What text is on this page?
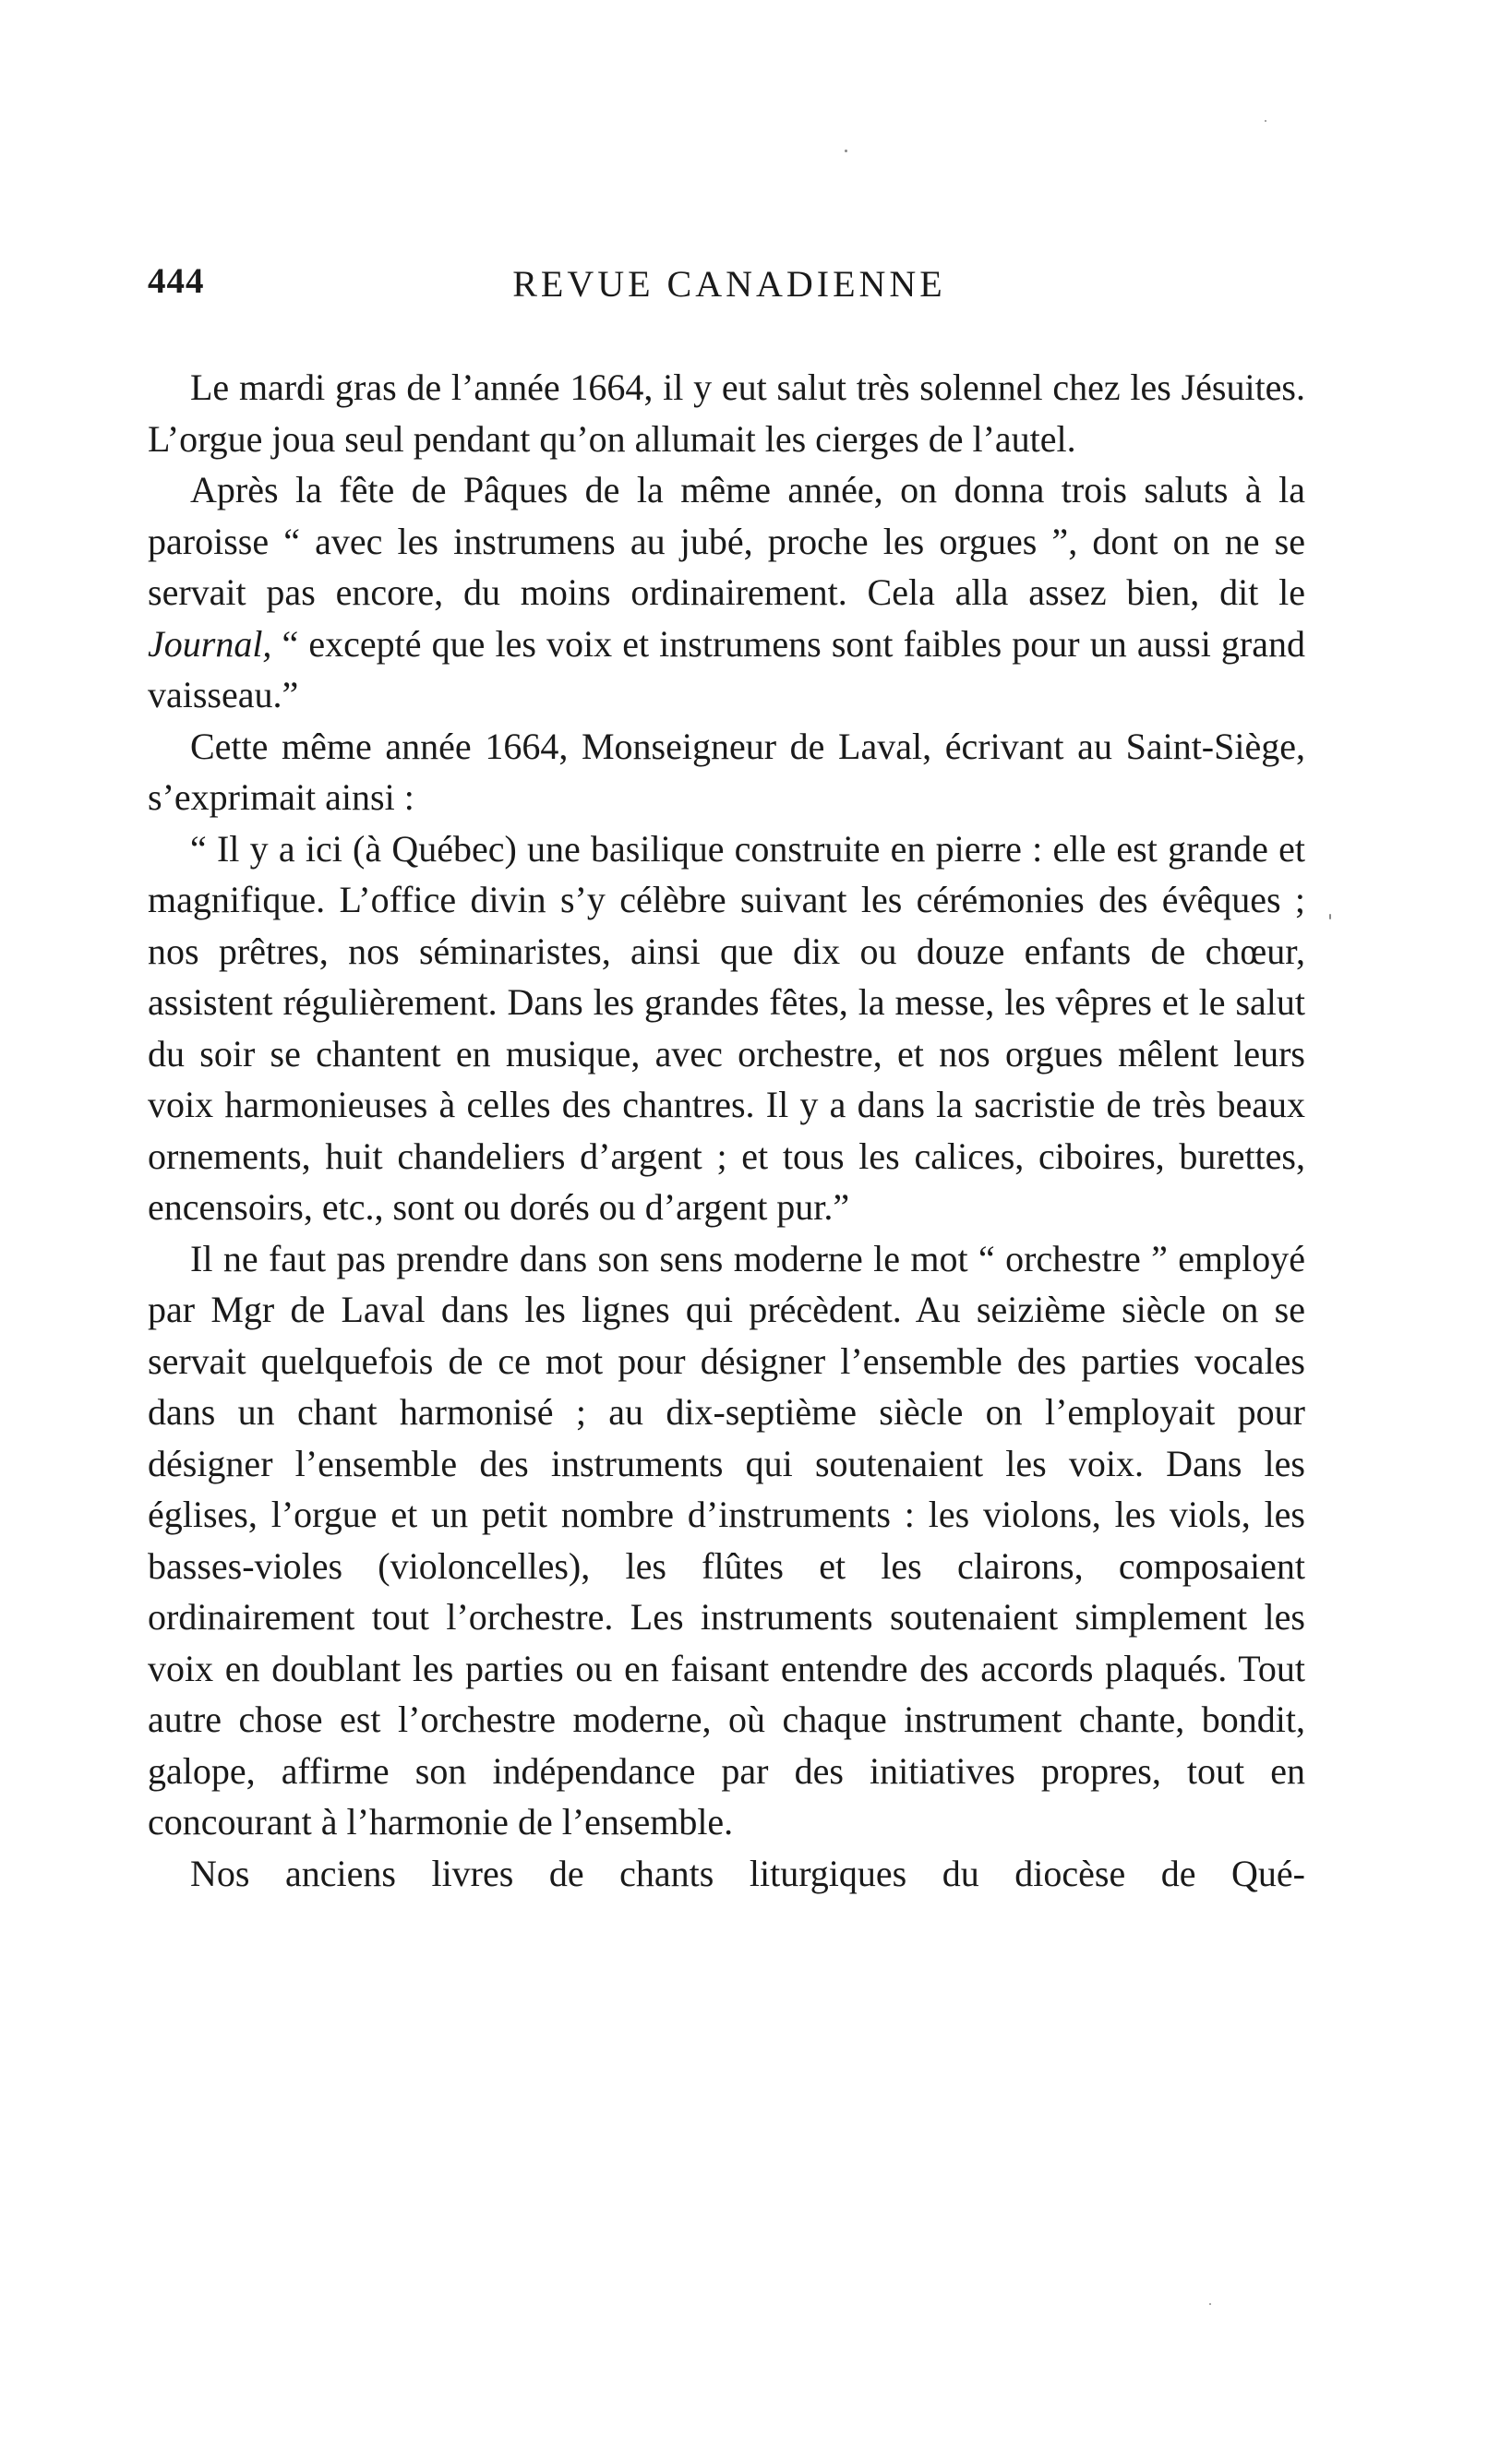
444	REVUE CANADIENNE

Le mardi gras de l’année 1664, il y eut salut très solennel chez les Jésuites. L’orgue joua seul pendant qu’on allumait les cierges de l’autel.

Après la fête de Pâques de la même année, on donna trois saluts à la paroisse “ avec les instrumens au jubé, proche les orgues ”, dont on ne se servait pas encore, du moins ordinairement. Cela alla assez bien, dit le Journal, “ excepté que les voix et instrumens sont faibles pour un aussi grand vaisseau.”

Cette même année 1664, Monseigneur de Laval, écrivant au Saint-Siège, s’exprimait ainsi :

“ Il y a ici (à Québec) une basilique construite en pierre : elle est grande et magnifique. L’office divin s’y célèbre suivant les cérémonies des évêques ; nos prêtres, nos séminaristes, ainsi que dix ou douze enfants de chœur, assistent régulièrement. Dans les grandes fêtes, la messe, les vêpres et le salut du soir se chantent en musique, avec orchestre, et nos orgues mêlent leurs voix harmonieuses à celles des chantres. Il y a dans la sacristie de très beaux ornements, huit chandeliers d’argent ; et tous les calices, ciboires, burettes, encensoirs, etc., sont ou dorés ou d’argent pur.”

Il ne faut pas prendre dans son sens moderne le mot “ orchestre ” employé par Mgr de Laval dans les lignes qui précèdent. Au seizième siècle on se servait quelquefois de ce mot pour désigner l’ensemble des parties vocales dans un chant harmonisé ; au dix-septième siècle on l’employait pour désigner l’ensemble des instruments qui soutenaient les voix. Dans les églises, l’orgue et un petit nombre d’instruments : les violons, les viols, les basses-violes (violoncelles), les flûtes et les clairons, composaient ordinairement tout l’orchestre. Les instruments soutenaient simplement les voix en doublant les parties ou en faisant entendre des accords plaqués. Tout autre chose est l’orchestre moderne, où chaque instrument chante, bondit, galope, affirme son indépendance par des initiatives propres, tout en concourant à l’harmonie de l’ensemble.

Nos anciens livres de chants liturgiques du diocèse de Qué-
